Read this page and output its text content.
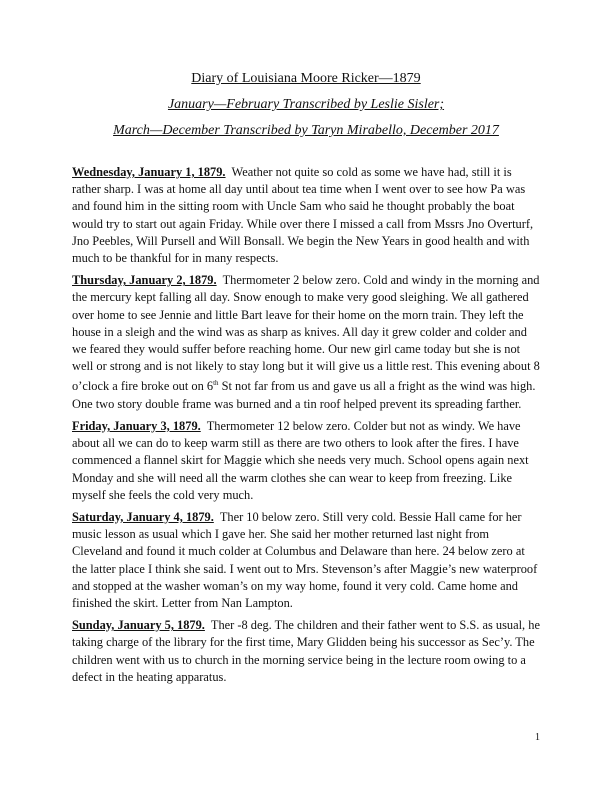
Diary of Louisiana Moore Ricker—1879

January—February Transcribed by Leslie Sisler;

March—December Transcribed by Taryn Mirabello, December 2017

Wednesday, January 1, 1879. Weather not quite so cold as some we have had, still it is rather sharp. I was at home all day until about tea time when I went over to see how Pa was and found him in the sitting room with Uncle Sam who said he thought probably the boat would try to start out again Friday. While over there I missed a call from Mssrs Jno Overturf, Jno Peebles, Will Pursell and Will Bonsall. We begin the New Years in good health and with much to be thankful for in many respects.

Thursday, January 2, 1879. Thermometer 2 below zero. Cold and windy in the morning and the mercury kept falling all day. Snow enough to make very good sleighing. We all gathered over home to see Jennie and little Bart leave for their home on the morn train. They left the house in a sleigh and the wind was as sharp as knives. All day it grew colder and colder and we feared they would suffer before reaching home. Our new girl came today but she is not well or strong and is not likely to stay long but it will give us a little rest. This evening about 8 o’clock a fire broke out on 6th St not far from us and gave us all a fright as the wind was high. One two story double frame was burned and a tin roof helped prevent its spreading farther.

Friday, January 3, 1879. Thermometer 12 below zero. Colder but not as windy. We have about all we can do to keep warm still as there are two others to look after the fires. I have commenced a flannel skirt for Maggie which she needs very much. School opens again next Monday and she will need all the warm clothes she can wear to keep from freezing. Like myself she feels the cold very much.

Saturday, January 4, 1879. Ther 10 below zero. Still very cold. Bessie Hall came for her music lesson as usual which I gave her. She said her mother returned last night from Cleveland and found it much colder at Columbus and Delaware than here. 24 below zero at the latter place I think she said. I went out to Mrs. Stevenson’s after Maggie’s new waterproof and stopped at the washer woman’s on my way home, found it very cold. Came home and finished the skirt. Letter from Nan Lampton.

Sunday, January 5, 1879. Ther -8 deg. The children and their father went to S.S. as usual, he taking charge of the library for the first time, Mary Glidden being his successor as Sec’y. The children went with us to church in the morning service being in the lecture room owing to a defect in the heating apparatus.

1
